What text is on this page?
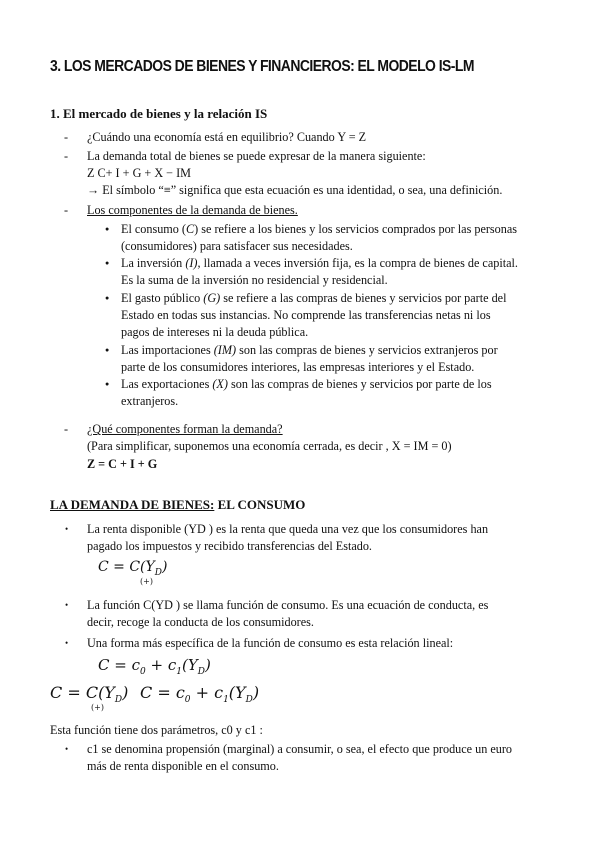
3. LOS MERCADOS DE BIENES Y FINANCIEROS: EL MODELO IS-LM
1. El mercado de bienes y la relación IS
- ¿Cuándo una economía está en equilibrio? Cuando Y = Z
- La demanda total de bienes se puede expresar de la manera siguiente:
Z C+ I + G + X − IM
→ El símbolo “≡” significa que esta ecuación es una identidad, o sea, una definición.
- Los componentes de la demanda de bienes.
● El consumo (C) se refiere a los bienes y los servicios comprados por las personas
(consumidores) para satisfacer sus necesidades.
● La inversión (I), llamada a veces inversión fija, es la compra de bienes de capital.
Es la suma de la inversión no residencial y residencial.
● El gasto público (G) se refiere a las compras de bienes y servicios por parte del
Estado en todas sus instancias. No comprende las transferencias netas ni los
pagos de intereses ni la deuda pública.
● Las importaciones (IM) son las compras de bienes y servicios extranjeros por
parte de los consumidores interiores, las empresas interiores y el Estado.
● Las exportaciones (X) son las compras de bienes y servicios por parte de los
extranjeros.
- ¿Qué componentes forman la demanda?
(Para simplificar, suponemos una economía cerrada, es decir , X = IM = 0)
Z = C + I + G
LA DEMANDA DE BIENES: EL CONSUMO
• La renta disponible (YD ) es la renta que queda una vez que los consumidores han
pagado los impuestos y recibido transferencias del Estado.
$C = C(Y_D)$
(+)
• La función C(YD ) se llama función de consumo. Es una ecuación de conducta, es
decir, recoge la conducta de los consumidores.
• Una forma más específica de la función de consumo es esta relación lineal:
$C = c_0 + c_1(Y_D)$
$C = C(Y_D)$
(+)
$C = c_0 + c_1(Y_D)$
Esta función tiene dos parámetros, c0 y c1 :
• c1 se denomina propensión (marginal) a consumir, o sea, el efecto que produce un euro
más de renta disponible en el consumo.
